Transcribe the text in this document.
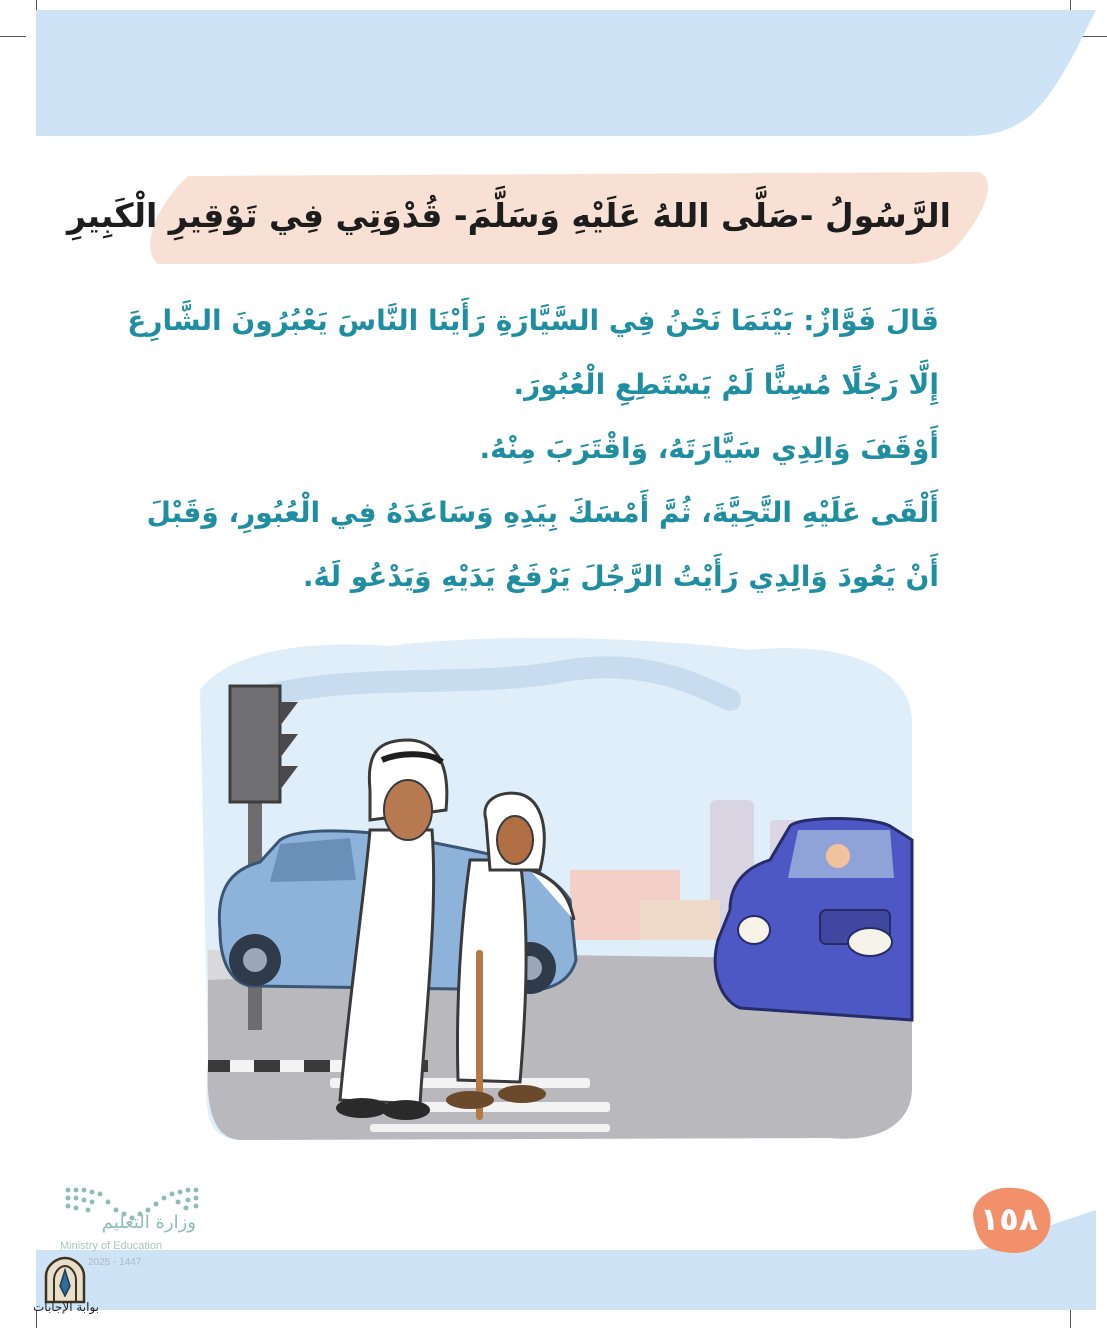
الرَّسُولُ -صَلَّى اللهُ عَلَيْهِ وَسَلَّمَ- قُدْوَتِي فِي تَوْقِيرِ الْكَبِيرِ
قَالَ فَوَّازٌ: بَيْنَمَا نَحْنُ فِي السَّيَّارَةِ رَأَيْنَا النَّاسَ يَعْبُرُونَ الشَّارِعَ
إِلَّا رَجُلًا مُسِنًّا لَمْ يَسْتَطِعِ الْعُبُورَ.
أَوْقَفَ وَالِدِي سَيَّارَتَهُ، وَاقْتَرَبَ مِنْهُ.
أَلْقَى عَلَيْهِ التَّحِيَّةَ، ثُمَّ أَمْسَكَ بِيَدِهِ وَسَاعَدَهُ فِي الْعُبُورِ، وَقَبْلَ
أَنْ يَعُودَ وَالِدِي رَأَيْتُ الرَّجُلَ يَرْفَعُ يَدَيْهِ وَيَدْعُو لَهُ.
١٥٨
وزارة التعليم
Ministry of Education
2025 - 1447
بوابة الإجابات
